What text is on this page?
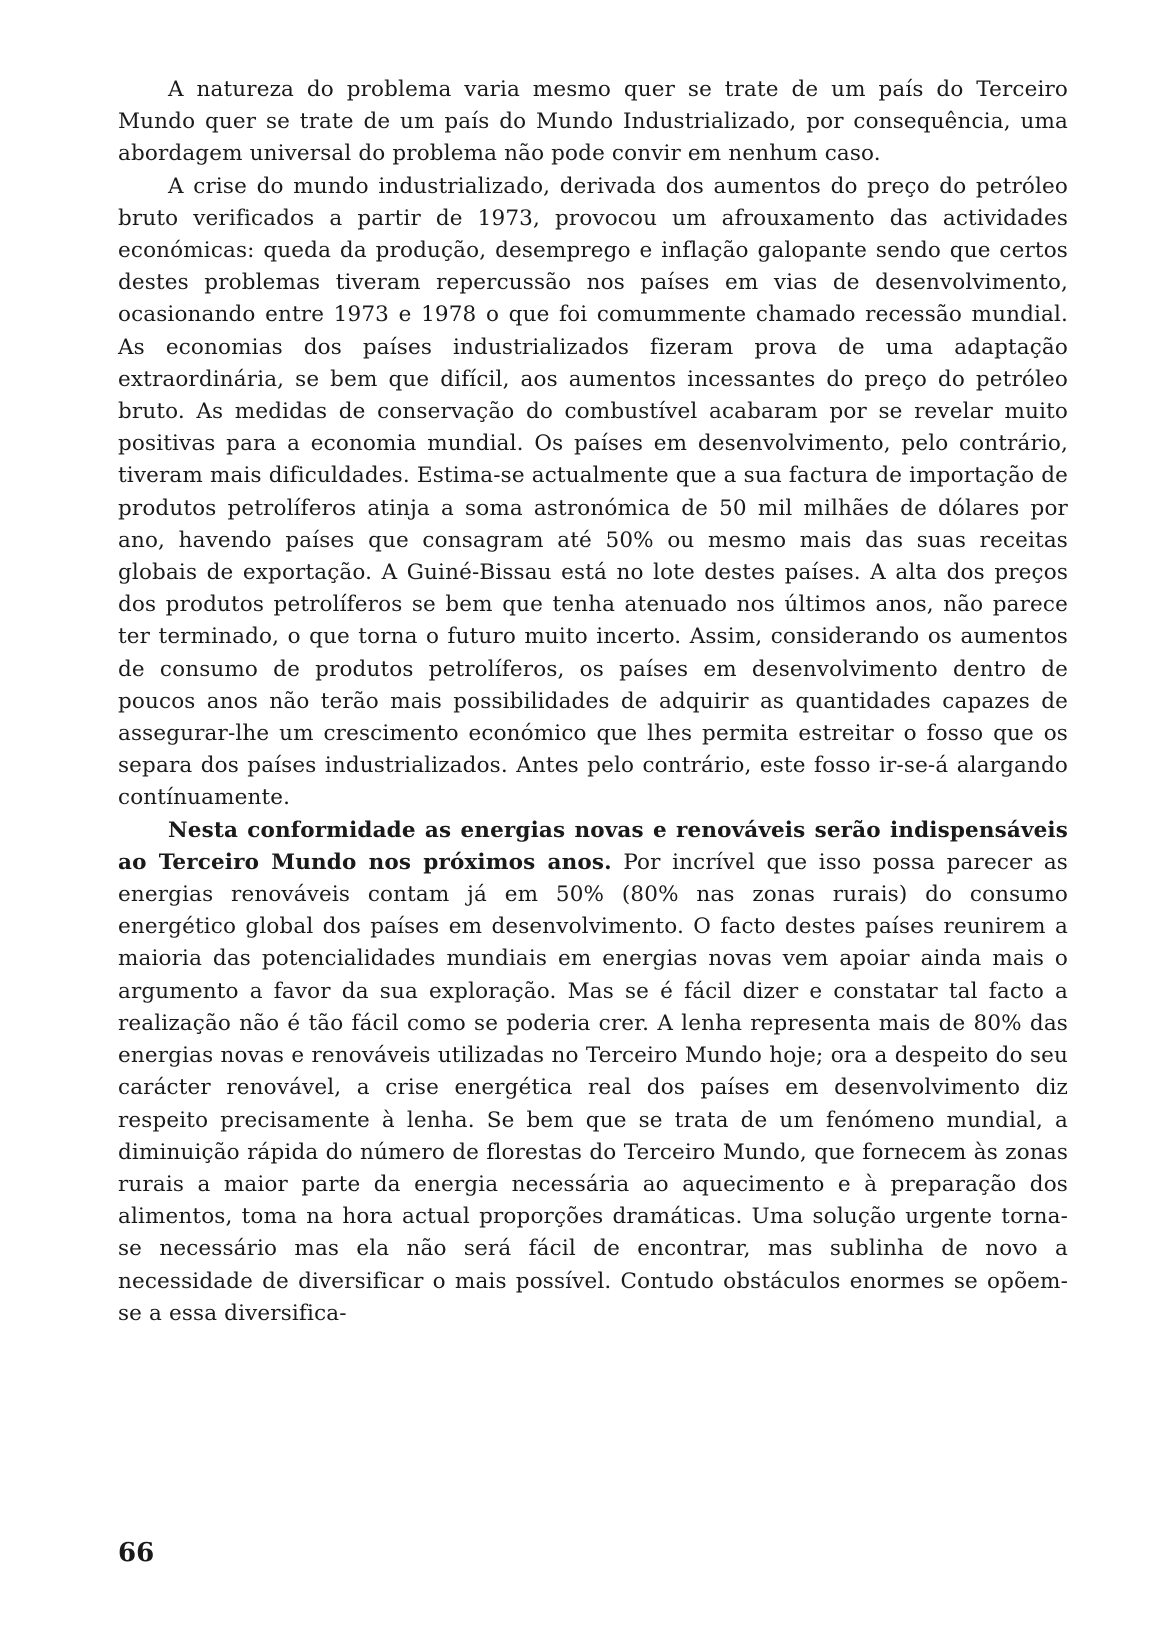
A natureza do problema varia mesmo quer se trate de um país do Terceiro Mundo quer se trate de um país do Mundo Industrializado, por consequência, uma abordagem universal do problema não pode convir em nenhum caso.

A crise do mundo industrializado, derivada dos aumentos do preço do petróleo bruto verificados a partir de 1973, provocou um afrouxamento das actividades económicas: queda da produção, desemprego e inflação galopante sendo que certos destes problemas tiveram repercussão nos países em vias de desenvolvimento, ocasionando entre 1973 e 1978 o que foi comummente chamado recessão mundial. As economias dos países industrializados fizeram prova de uma adaptação extraordinária, se bem que difícil, aos aumentos incessantes do preço do petróleo bruto. As medidas de conservação do combustível acabaram por se revelar muito positivas para a economia mundial. Os países em desenvolvimento, pelo contrário, tiveram mais dificuldades. Estima-se actualmente que a sua factura de importação de produtos petrolíferos atinja a soma astronómica de 50 mil milhães de dólares por ano, havendo países que consagram até 50% ou mesmo mais das suas receitas globais de exportação. A Guiné-Bissau está no lote destes países. A alta dos preços dos produtos petrolíferos se bem que tenha atenuado nos últimos anos, não parece ter terminado, o que torna o futuro muito incerto. Assim, considerando os aumentos de consumo de produtos petrolíferos, os países em desenvolvimento dentro de poucos anos não terão mais possibilidades de adquirir as quantidades capazes de assegurar-lhe um crescimento económico que lhes permita estreitar o fosso que os separa dos países industrializados. Antes pelo contrário, este fosso ir-se-á alargando contínuamente.

Nesta conformidade as energias novas e renováveis serão indispensáveis ao Terceiro Mundo nos próximos anos. Por incrível que isso possa parecer as energias renováveis contam já em 50% (80% nas zonas rurais) do consumo energético global dos países em desenvolvimento. O facto destes países reunirem a maioria das potencialidades mundiais em energias novas vem apoiar ainda mais o argumento a favor da sua exploração. Mas se é fácil dizer e constatar tal facto a realização não é tão fácil como se poderia crer. A lenha representa mais de 80% das energias novas e renováveis utilizadas no Terceiro Mundo hoje; ora a despeito do seu carácter renovável, a crise energética real dos países em desenvolvimento diz respeito precisamente à lenha. Se bem que se trata de um fenómeno mundial, a diminuição rápida do número de florestas do Terceiro Mundo, que fornecem às zonas rurais a maior parte da energia necessária ao aquecimento e à preparação dos alimentos, toma na hora actual proporções dramáticas. Uma solução urgente torna-se necessário mas ela não será fácil de encontrar, mas sublinha de novo a necessidade de diversificar o mais possível. Contudo obstáculos enormes se opõem-se a essa diversifica-

66
